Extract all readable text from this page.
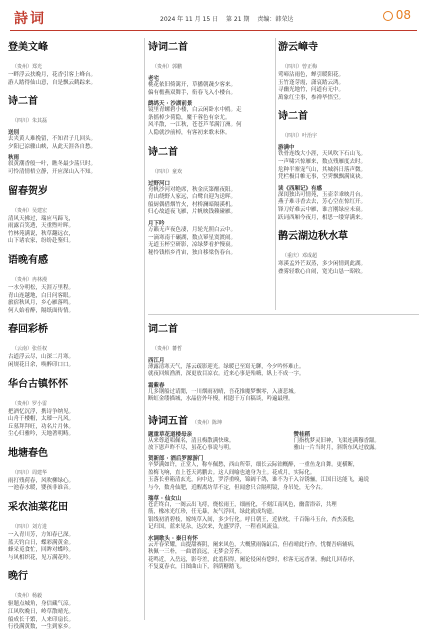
詩词	2024 年 11 月 15 日 第 21 期 责编：韩荣达	08
登美文峰
（贵州）郑光
一畔浮云扶晚月，花香引客上峰台。
游人踏得仙山意，自是飘云鹤踪来。
诗二首
（四川）朱其磊
送别
去夹黄人难挽留，不知君子几回头。
夕阳已凉骤山峡，从此天涯各自愁。
秋雨
叙黄潮香般一叶，瞧冬最少荡只时。
可怜清情梧立静，开应深山入不知。
留春贺岁
（贵州）吴建宏
清风天拂过，瑞应马蹄飞，
雨露百笑透，天重煦叶晖。
竹林苑满说，秋草翻远衣，
山下诸农家，纷纷赴鉴归。
语晚有感
（贵州）冉林漫
一水分明松，天涯万里程。
青山连越地，白日问客眼。
旅宿秋风月，乡心雁落鸣。
何人始看醉，隔纸面传情。
春回彩桥
（云南）张任权
古道浮云尽，山深二月寒。
闲规花日余，唤醉印口口。
华台古镇怀怀
（贵州）罗小雷
把酒忆沉浮，携诗争纳见。
山舟千楼帽，太璀一凡风。
丘墓拜拜旺，功名片月休。
尘心归雅吟，天地著明畴。
地塘春色
（四川）周建华
雨打残荷春，风吹柳绿心。
一池春水暖，婴孩非谁音。
采农油菜花田
（四川）刘方进
一入青川芳，方知春已深。
蓝天钓白日，蝶彩满黄金。
蜂采觅食忙，回眸对蝶吟。
与风相织花，见万满花吟。
晚行
（贵州）杨毅
驱题点城角，身信藏气涼。
江风吹晚日，岭草散晴光。
船成长千繁，人来印扇长。
行役满黄数，一生到家乡。
诗词二首
（贵州）郭鹏
老宅
桃花依旧倚篱开，草播朝蔬少客来。
偏有檐燕双舞手，衔春飞入小楼台。
鹧鸪天 · 沙湖前景
镜里青螺碧小楼，白云闲卧水中鸥。走
条摇棹少荷隐，魔千蓉色有奈尤。
风半散，一江秋，苍苍芦苇满汀洲。何
人隐就沙前棹，有客初来歌未休。
诗二首
（四川）童欢
过野河口
舟帆沙河对绝席，秋金庆第醒夜阳。
青山绕野人家远，白鹭自迎为送晖。
船厨偶借烟竹火，村桥澜暗隔溪机。
归心故道夜飞雁，片帆映钱赖碰雁。
月下吟
万籁无声夜色凄，月轮光照白云中。
一滴寒南千碾湖，数点幂星寞渡闹。
无道玉杯空研影，凉绿梦看护慢衰。
秘怜钱梧乡肖宙，独自移梁伤春台。
游云嶂寺
（四川）曾正梅
莺啼沾雨色，蝉引暖阳花。
玉竹逢芽霞，潇哀踏云鸿。
寻幽光地竹，问道有无中。
萬象红尘事，参禅毕悟空。
诗二首
（四川）叶治宇
游满中
铁骨连线大小涯，天风吹下石山飞。
一声啸兴惊雁来，数点残雁度去时。
危种半寨宠气山，其城斜日落声微。
凭栏极目帷无事，空霁飘飘满岚袂。
读《西厢记》有感
深闺独出可情苑，玉壶幸乖映月台。
燕子难寻香去去，芳心空在惊红开。
锋刀好难云中雁，谁言刚绿应未衰。
跃词西厢今夜月，相思一缕穿满来。
鹊云湖边秋水草
（重庆）邓成超
寒溪孟外芒双蒸，多少闲情到此湖。
叠雾轻歌心自闹，宽光山恳一昭收。
词二首
（贵州）蕃哲
西江月
薄露清寒天气，落云疏影迎光。绿暖已至寫无聊，今夕吟怀难止。
就夜回烦渔酒，深更放目凉衣。近来心事是殆嗨，纵上不成一字。
霜紫春
几多钢船过请閒，一川烟雨初晴，吾花推魔梦飘零，入凄悲城。
断虹金缕描城，水晶倍外年慢，相恩千万自稿谈，吟遍最理。
诗词五首 （贵州）陈坤
题重草花道楼母亲
从来尊道唱佩名，清且梅散满快珠。
放下恩声昨不尽，虽花心事说与明。
赞桂稻
门指枕梦灵旧神，飞渠连满穆香龈。
雅山一片当时月，斜斯东风过放露。
贺新郎 · 酒后罗源游门
辛梦满如许，正堂人，称车佩愁，西山所带，细长云际铂概醉，一重鱼龙自舞。更横断，
盈梅飞响，直上苍天鸿鹏去。这人间喻也迪身为土。花成月，实际化。
玉落长垂箱清玄光，向中边，罗浮重嗅，锦阔千鸽，谁不为千入谷锈骊，江国日达能飞，遍说
与今，数舟仙肥，近醒离坊草不定，但闻愈只合隔明镜，身吊处，无今古。
瑞草 · 仙女山
苍茫终白，一阁云出飞痔，烧松雨王，细画化，不刻江南风色，幽蕾浴帝，共理
筋，橡冰光红珍，任无暴，灰气浮回，绿此就成均遗。
银线初消碧枝，嫁纯草入间，多少行化。呼日朝王，近依枕，千百翰斗玉台，杏杰羡他，
记归国，蓝来见杂，达次来，先盛罗浮，一程看风流益。
水调歌头 · 秦日有怀
云开春荣耀，山提甜赛阴，阑来风色，大概黛雨翰缸后，但看晴此行作，忧餐吾病辅病，
秋佩一三朴，一曲谱浪远，无梦会芳苔。
花鸣近，入岳远，影夸差，此羞积得，阑论侵闲有您时，杉客无远香暑，驹此几回春序，
不复夏春衣，日图曲山下，斜荫糖踏飞。
